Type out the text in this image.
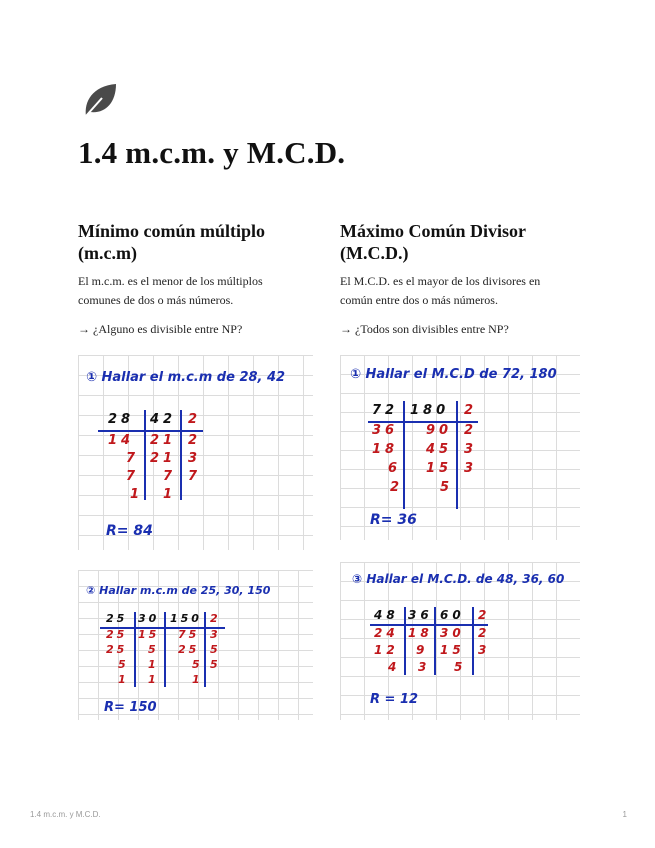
1.4 m.c.m. y M.C.D.
Mínimo común múltiplo (m.c.m)

El m.c.m. es el menor de los múltiplos comunes de dos o más números.

→ ¿Alguno es divisible entre NP?

Máximo Común Divisor (M.C.D.)

El M.C.D. es el mayor de los divisores en común entre dos o más números.

→ ¿Todos son divisibles entre NP?

① Hallar el m.c.m de 28, 42
28 42 2
14 21 2
7 21 3
7 7 7
1 1
R= 84
② Hallar m.c.m de 25, 30, 150
25 30 150 2
25 15 75 3
25 5 25 5
5 1	5 5
1 1	1
R= 150
① Hallar el M.C.D de 72, 180
72 180 2
36 90 2
18 45 3
6 15 3
2	5
R= 36
③ Hallar el M.C.D. de 48, 36, 60
48 36 60 2
24 18 30 2
12 9 15 3
4 3 5
R = 12
1.4 m.c.m. y M.C.D.	1
